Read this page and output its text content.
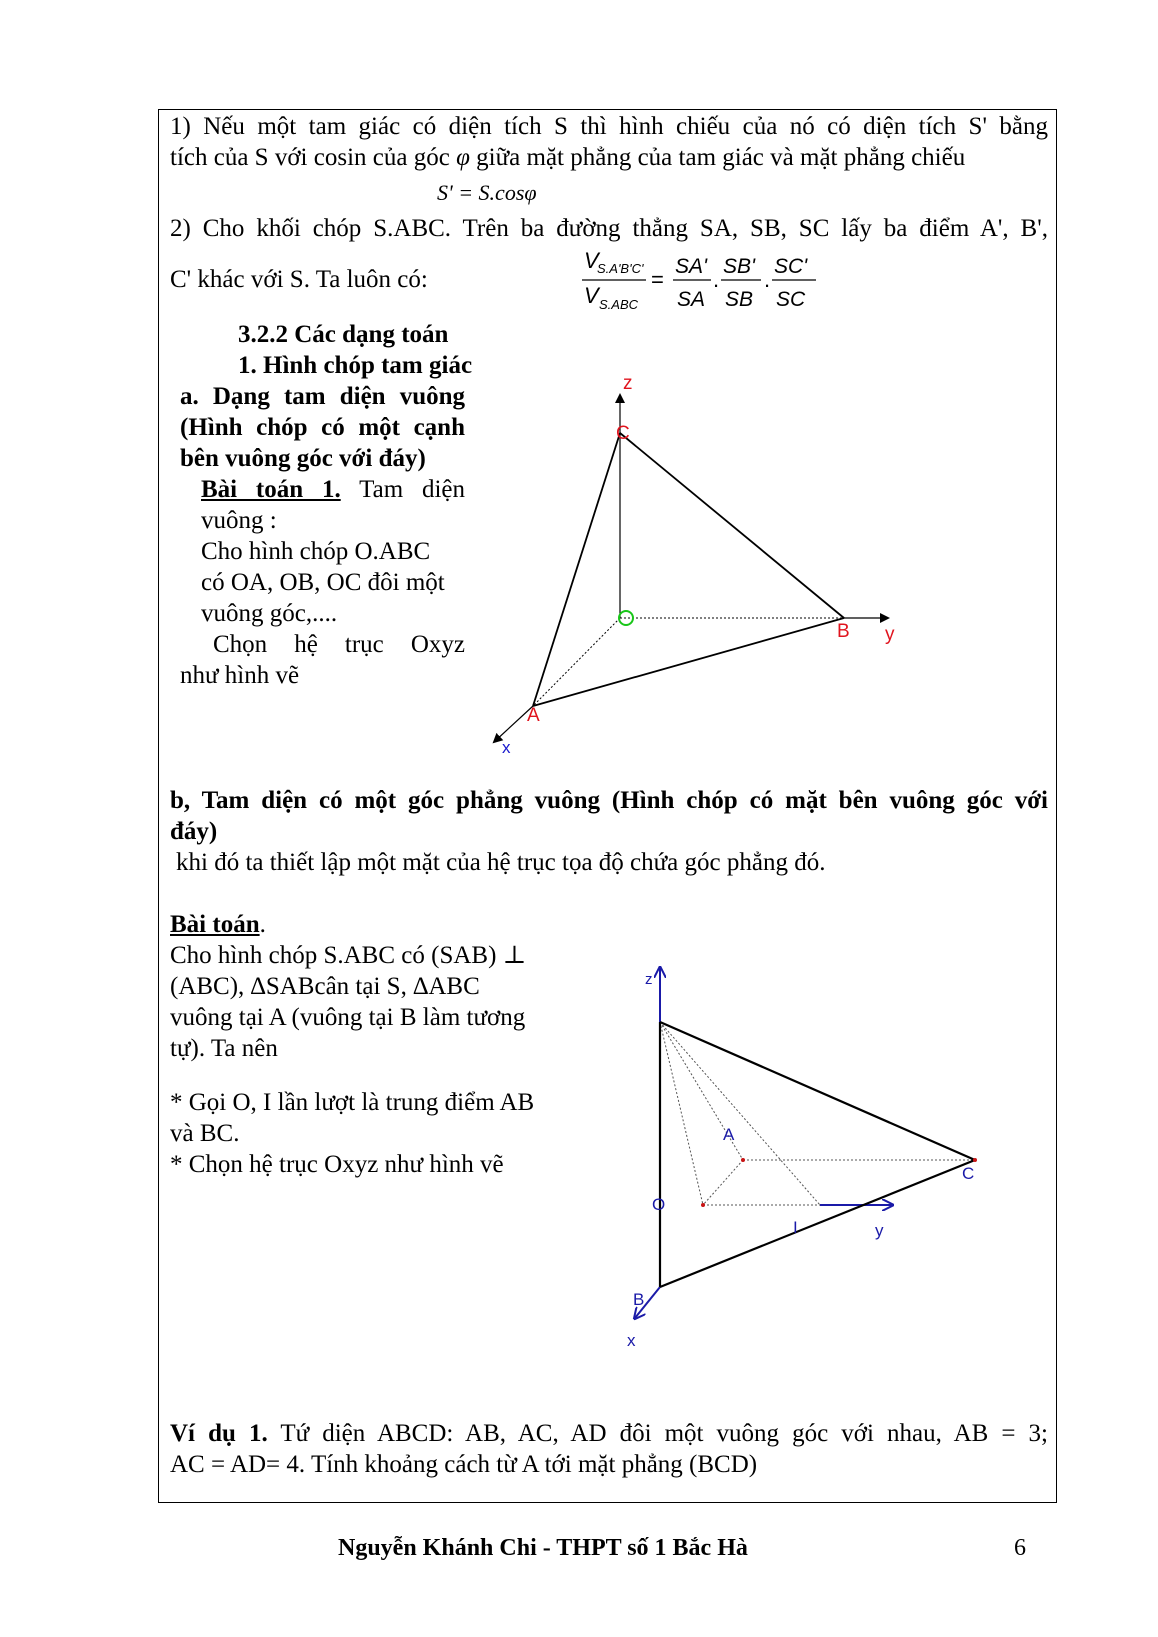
1) Nếu một tam giác có diện tích S thì hình chiếu của nó có diện tích S' bằng
tích của S với cosin của góc φ giữa mặt phẳng của tam giác và mặt phẳng chiếu
S' = S.cosφ
2) Cho khối chóp S.ABC. Trên ba đường thẳng SA, SB, SC lấy ba điểm A', B',
C' khác với S. Ta luôn có:
V
S.A'B'C'
V S.ABC
=
SA'
SA
.
SB'
SB
.
SC'
SC
3.2.2 Các dạng toán
1. Hình chóp tam giác
a. Dạng tam diện vuông
(Hình chóp có một cạnh
bên vuông góc với đáy)
Bài toán 1. Tam diện
vuông :
Cho hình chóp O.ABC
có OA, OB, OC đôi một
vuông góc,....
Chọn hệ trục Oxyz
như hình vẽ
z
C
B y
A
x
b, Tam diện có một góc phẳng vuông (Hình chóp có mặt bên vuông góc với
đáy)
khi đó ta thiết lập một mặt của hệ trục tọa độ chứa góc phẳng đó.
Bài toán.
Cho hình chóp S.ABC có (SAB) ⊥
(ABC), ∆SABcân tại S, ∆ABC
vuông tại A (vuông tại B làm tương
tự). Ta nên
* Gọi O, I lần lượt là trung điểm AB
và BC.
* Chọn hệ trục Oxyz như hình vẽ
z
A
C
O
I	y
B
x
Ví dụ 1. Tứ diện ABCD: AB, AC, AD đôi một vuông góc với nhau, AB = 3;
AC = AD= 4. Tính khoảng cách từ A tới mặt phẳng (BCD)
Nguyễn Khánh Chi - THPT số 1 Bắc Hà	6
